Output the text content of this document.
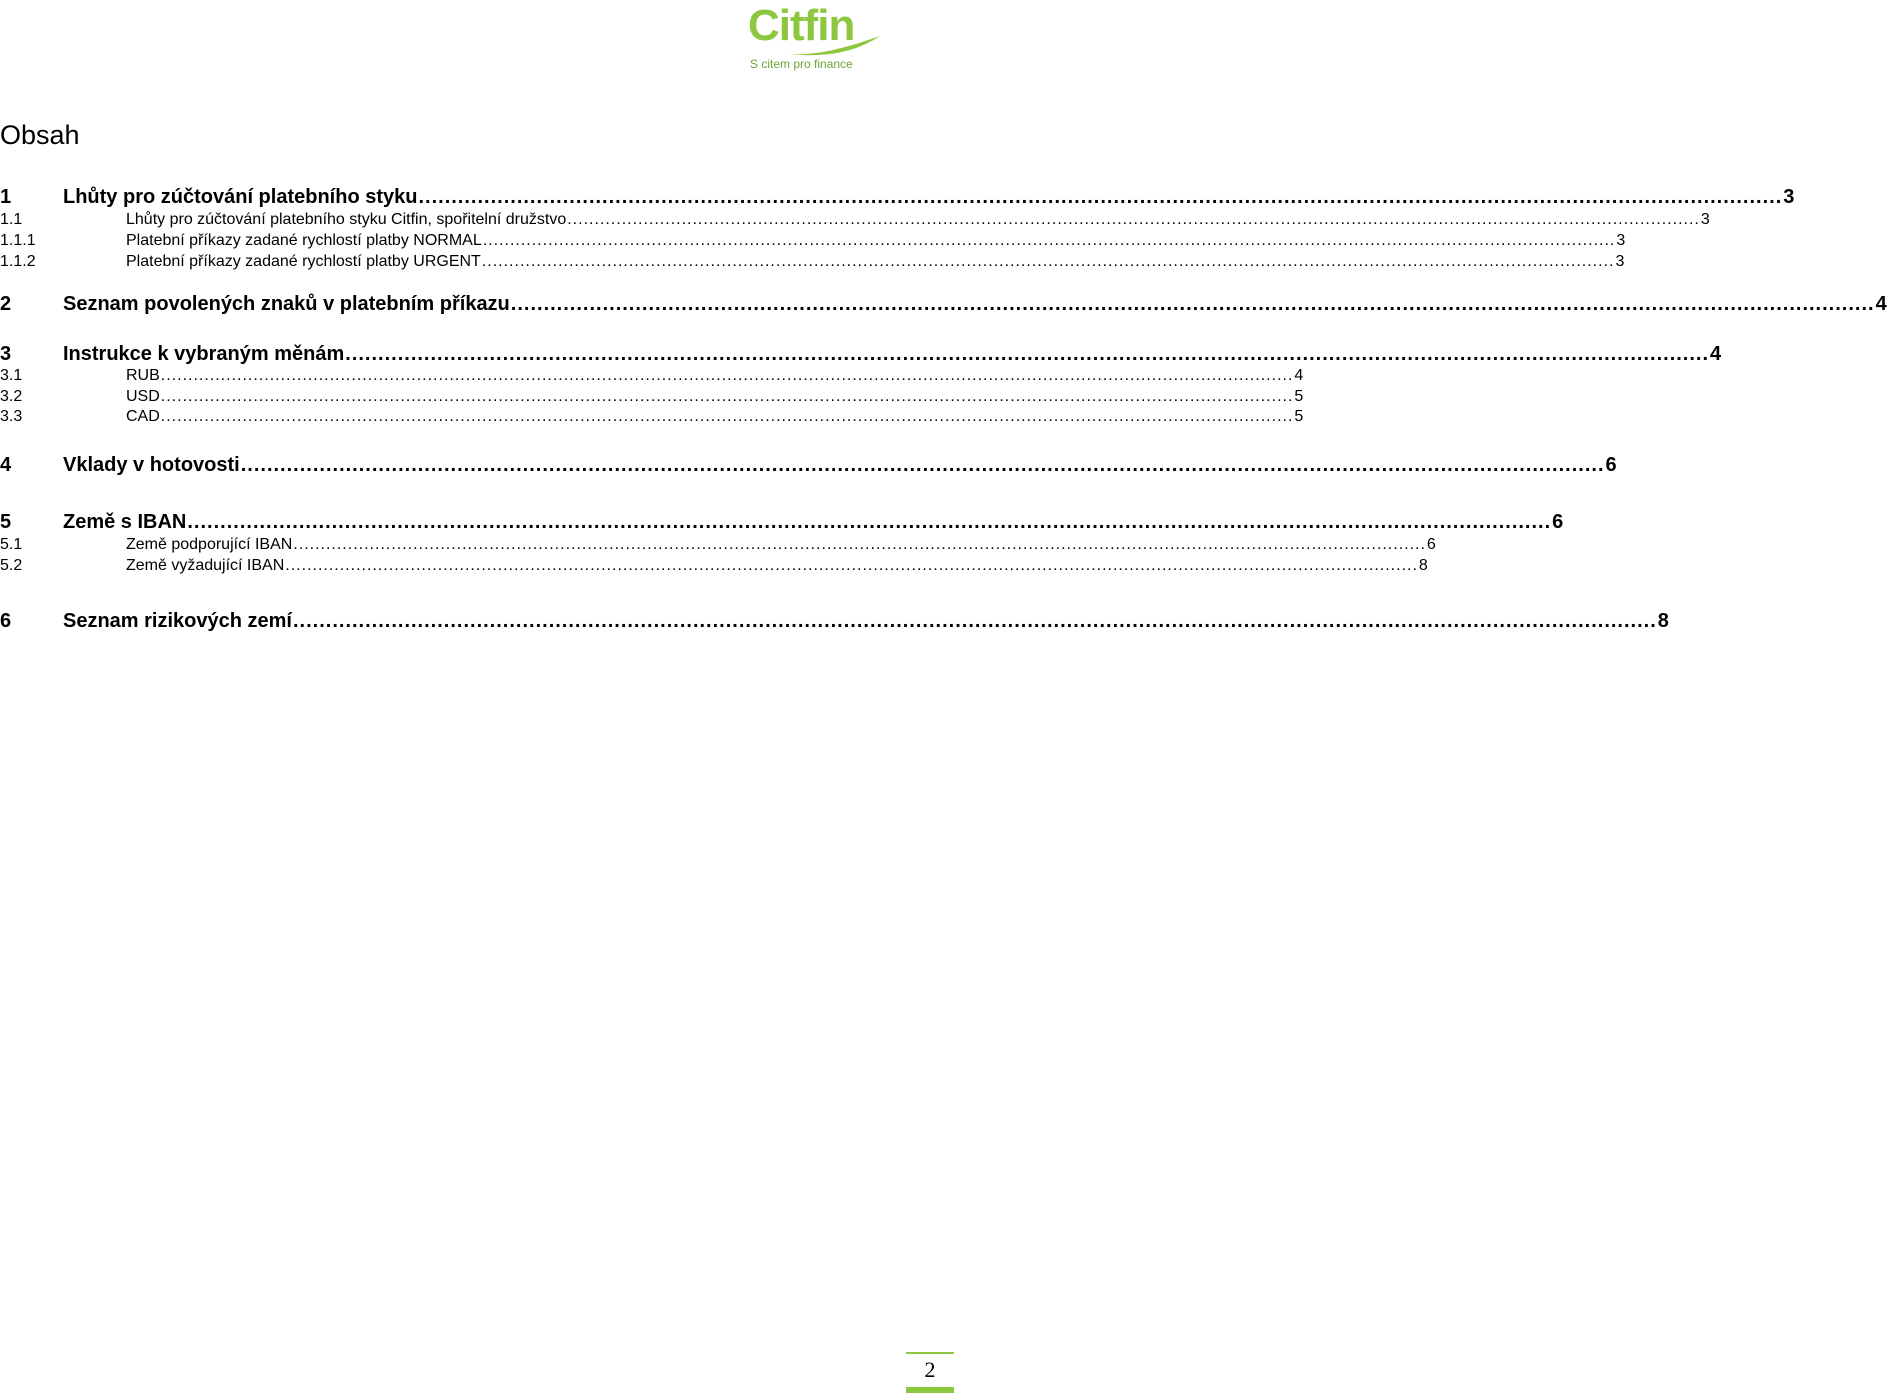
Citfin
S citem pro finance
Obsah
1	Lhůty pro zúčtování platebního styku ................................................................................................................................................................................................................ 3
1.1	Lhůty pro zúčtování platebního styku Citfin, spořitelní družstvo ................................................................................................................................................................................................................ 3
1.1.1	Platební příkazy zadané rychlostí platby NORMAL ................................................................................................................................................................................................................ 3
1.1.2	Platební příkazy zadané rychlostí platby URGENT ................................................................................................................................................................................................................ 3
2	Seznam povolených znaků v platebním příkazu ................................................................................................................................................................................................................ 4
3	Instrukce k vybraným měnám ................................................................................................................................................................................................................ 4
3.1	RUB ................................................................................................................................................................................................................ 4
3.2	USD ................................................................................................................................................................................................................ 5
3.3	CAD ................................................................................................................................................................................................................ 5
4	Vklady v hotovosti ................................................................................................................................................................................................................ 6
5	Země s IBAN ................................................................................................................................................................................................................ 6
5.1	Země podporující IBAN ................................................................................................................................................................................................................ 6
5.2	Země vyžadující IBAN ................................................................................................................................................................................................................ 8
6	Seznam rizikových zemí ................................................................................................................................................................................................................ 8
2
